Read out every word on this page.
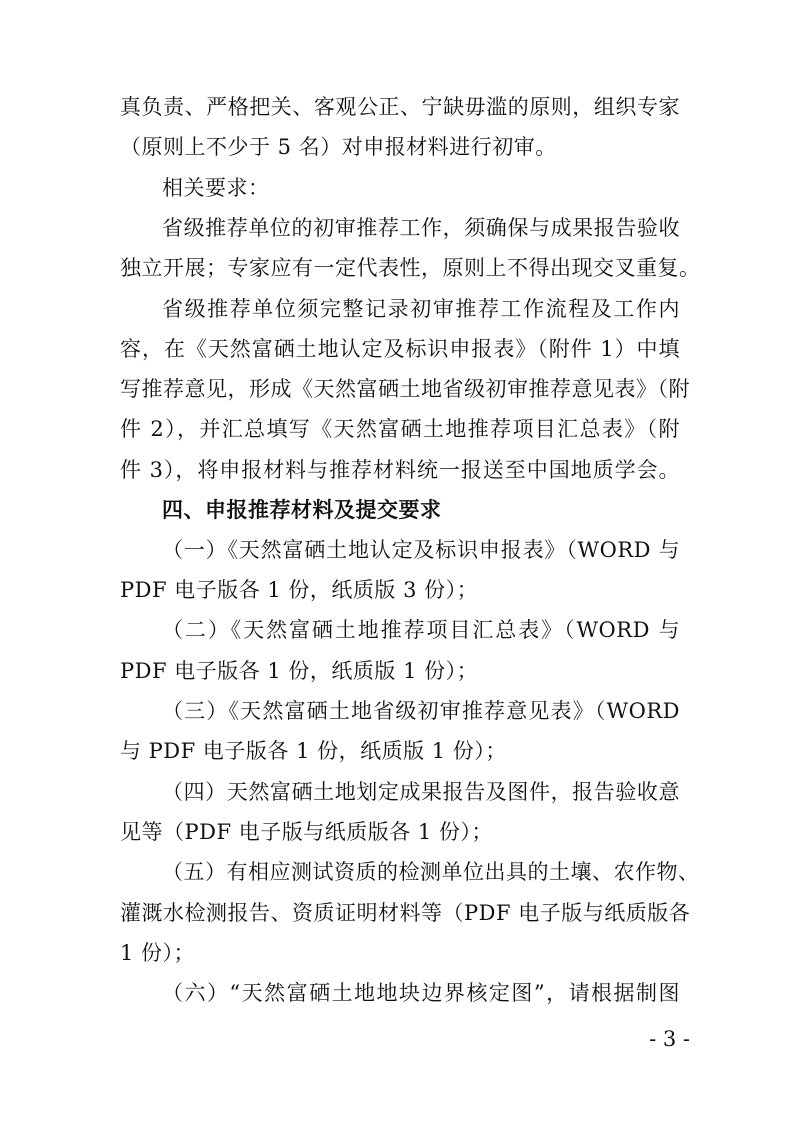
真负责、严格把关、客观公正、宁缺毋滥的原则，组织专家
（原则上不少于 5 名）对申报材料进行初审。
相关要求：
省级推荐单位的初审推荐工作，须确保与成果报告验收
独立开展；专家应有一定代表性，原则上不得出现交叉重复。
省级推荐单位须完整记录初审推荐工作流程及工作内
容，在《天然富硒土地认定及标识申报表》（附件 1）中填
写推荐意见，形成《天然富硒土地省级初审推荐意见表》（附
件 2），并汇总填写《天然富硒土地推荐项目汇总表》（附
件 3），将申报材料与推荐材料统一报送至中国地质学会。
四、申报推荐材料及提交要求
（一）《天然富硒土地认定及标识申报表》（WORD 与
PDF 电子版各 1 份，纸质版 3 份）；
（二）《天然富硒土地推荐项目汇总表》（WORD 与
PDF 电子版各 1 份，纸质版 1 份）；
（三）《天然富硒土地省级初审推荐意见表》（WORD
与 PDF 电子版各 1 份，纸质版 1 份）；
（四）天然富硒土地划定成果报告及图件，报告验收意
见等（PDF 电子版与纸质版各 1 份）；
（五）有相应测试资质的检测单位出具的土壤、农作物、
灌溉水检测报告、资质证明材料等（PDF 电子版与纸质版各
1 份）；
（六）“天然富硒土地地块边界核定图”，请根据制图
- 3 -
